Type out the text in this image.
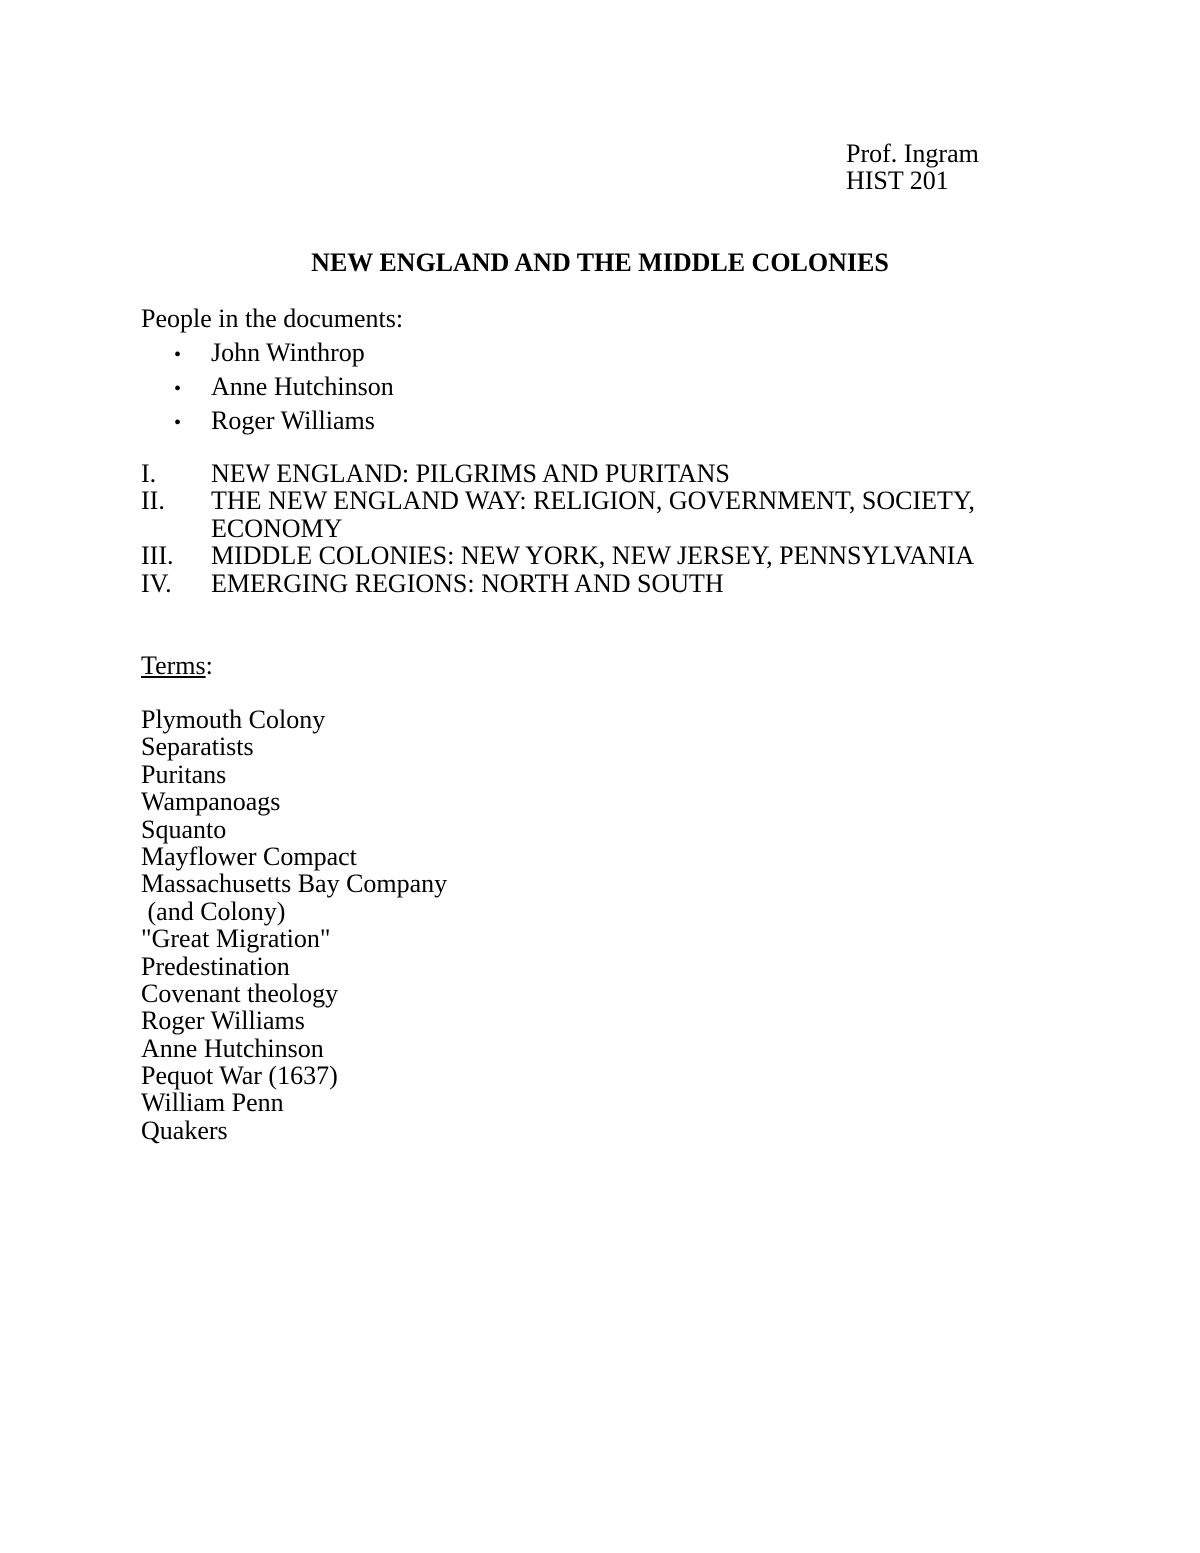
Prof. Ingram
HIST 201
NEW ENGLAND AND THE MIDDLE COLONIES
People in the documents:
•	John Winthrop
•	Anne Hutchinson
•	Roger Williams
I.	NEW ENGLAND: PILGRIMS AND PURITANS
II.	THE NEW ENGLAND WAY: RELIGION, GOVERNMENT, SOCIETY, ECONOMY
III.	MIDDLE COLONIES: NEW YORK, NEW JERSEY, PENNSYLVANIA
IV.	EMERGING REGIONS: NORTH AND SOUTH
Terms:
Plymouth Colony
Separatists
Puritans
Wampanoags
Squanto
Mayflower Compact
Massachusetts Bay Company
(and Colony)
"Great Migration"
Predestination
Covenant theology
Roger Williams
Anne Hutchinson
Pequot War (1637)
William Penn
Quakers
